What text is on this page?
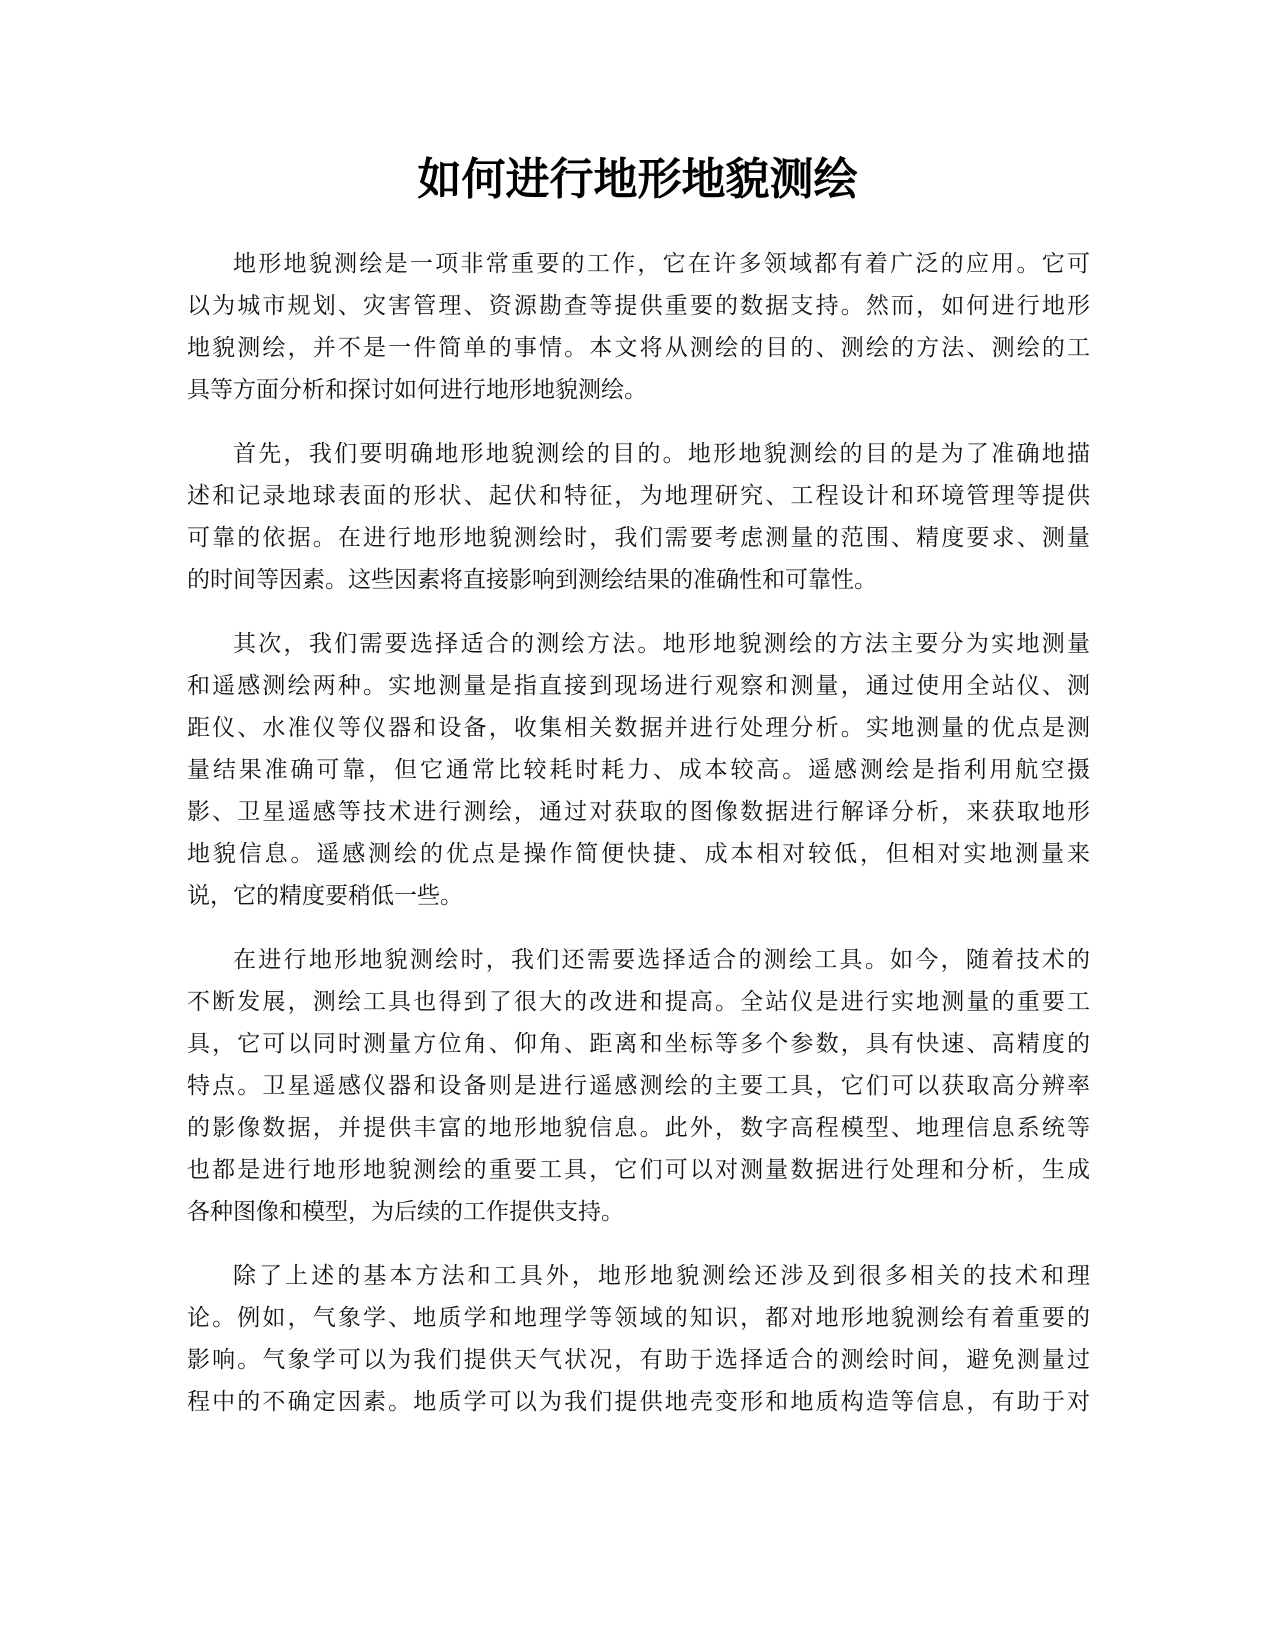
如何进行地形地貌测绘
地形地貌测绘是一项非常重要的工作，它在许多领域都有着广泛的应用。它可
以为城市规划、灾害管理、资源勘查等提供重要的数据支持。然而，如何进行地形
地貌测绘，并不是一件简单的事情。本文将从测绘的目的、测绘的方法、测绘的工
具等方面分析和探讨如何进行地形地貌测绘。
首先，我们要明确地形地貌测绘的目的。地形地貌测绘的目的是为了准确地描
述和记录地球表面的形状、起伏和特征，为地理研究、工程设计和环境管理等提供
可靠的依据。在进行地形地貌测绘时，我们需要考虑测量的范围、精度要求、测量
的时间等因素。这些因素将直接影响到测绘结果的准确性和可靠性。
其次，我们需要选择适合的测绘方法。地形地貌测绘的方法主要分为实地测量
和遥感测绘两种。实地测量是指直接到现场进行观察和测量，通过使用全站仪、测
距仪、水准仪等仪器和设备，收集相关数据并进行处理分析。实地测量的优点是测
量结果准确可靠，但它通常比较耗时耗力、成本较高。遥感测绘是指利用航空摄
影、卫星遥感等技术进行测绘，通过对获取的图像数据进行解译分析，来获取地形
地貌信息。遥感测绘的优点是操作简便快捷、成本相对较低，但相对实地测量来
说，它的精度要稍低一些。
在进行地形地貌测绘时，我们还需要选择适合的测绘工具。如今，随着技术的
不断发展，测绘工具也得到了很大的改进和提高。全站仪是进行实地测量的重要工
具，它可以同时测量方位角、仰角、距离和坐标等多个参数，具有快速、高精度的
特点。卫星遥感仪器和设备则是进行遥感测绘的主要工具，它们可以获取高分辨率
的影像数据，并提供丰富的地形地貌信息。此外，数字高程模型、地理信息系统等
也都是进行地形地貌测绘的重要工具，它们可以对测量数据进行处理和分析，生成
各种图像和模型，为后续的工作提供支持。
除了上述的基本方法和工具外，地形地貌测绘还涉及到很多相关的技术和理
论。例如，气象学、地质学和地理学等领域的知识，都对地形地貌测绘有着重要的
影响。气象学可以为我们提供天气状况，有助于选择适合的测绘时间，避免测量过
程中的不确定因素。地质学可以为我们提供地壳变形和地质构造等信息，有助于对
